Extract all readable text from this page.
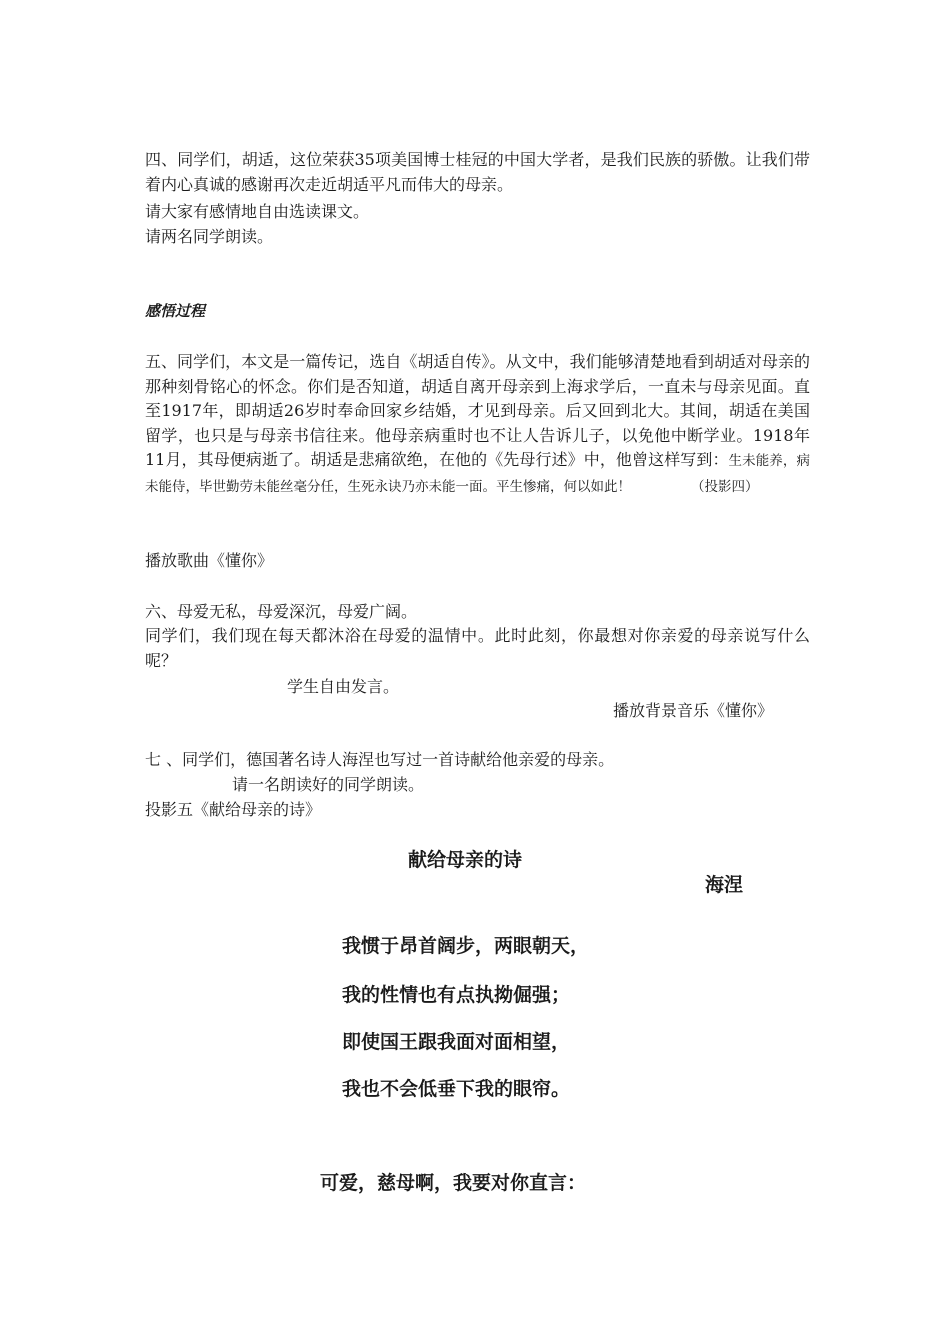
四、同学们，胡适，这位荣获35项美国博士桂冠的中国大学者，是我们民族的骄傲。让我们带着内心真诚的感谢再次走近胡适平凡而伟大的母亲。
请大家有感情地自由选读课文。
请两名同学朗读。
感悟过程
五、同学们，本文是一篇传记，选自《胡适自传》。从文中，我们能够清楚地看到胡适对母亲的那种刻骨铭心的怀念。你们是否知道，胡适自离开母亲到上海求学后，一直未与母亲见面。直至1917年，即胡适26岁时奉命回家乡结婚，才见到母亲。后又回到北大。其间，胡适在美国留学，也只是与母亲书信往来。他母亲病重时也不让人告诉儿子，以免他中断学业。1918年11月，其母便病逝了。胡适是悲痛欲绝，在他的《先母行述》中，他曾这样写到：生未能养，病未能侍，毕世勤劳未能丝毫分任，生死永诀乃亦未能一面。平生惨痛，何以如此！	（投影四）
播放歌曲《懂你》
六、母爱无私，母爱深沉，母爱广阔。
同学们，我们现在每天都沐浴在母爱的温情中。此时此刻，你最想对你亲爱的母亲说写什么呢？
学生自由发言。
播放背景音乐《懂你》
七 、同学们，德国著名诗人海涅也写过一首诗献给他亲爱的母亲。
请一名朗读好的同学朗读。
投影五《献给母亲的诗》
献给母亲的诗
海涅
我惯于昂首阔步，两眼朝天，
我的性情也有点执拗倔强；
即使国王跟我面对面相望，
我也不会低垂下我的眼帘。
可爱，慈母啊，我要对你直言：
